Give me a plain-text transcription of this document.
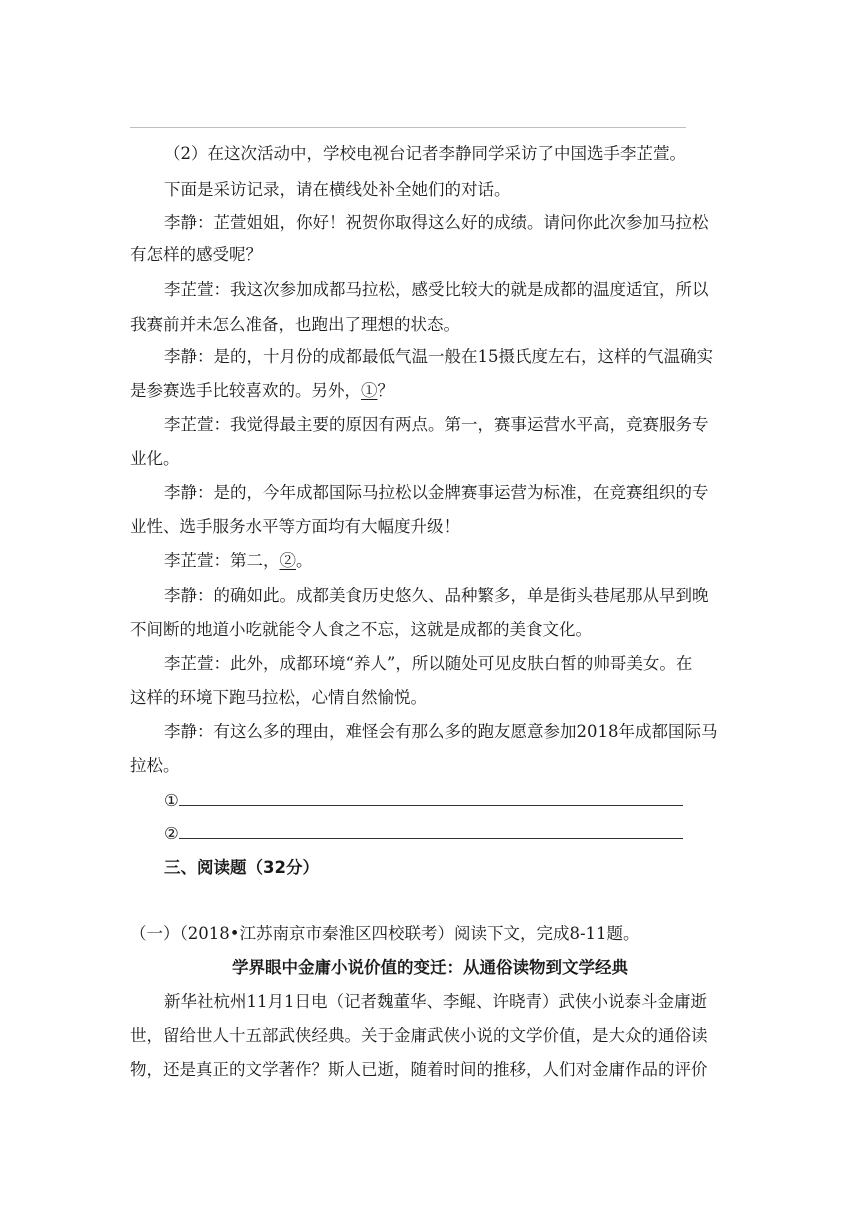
（2）在这次活动中，学校电视台记者李静同学采访了中国选手李芷萱。
下面是采访记录，请在横线处补全她们的对话。
李静：芷萱姐姐，你好！祝贺你取得这么好的成绩。请问你此次参加马拉松
有怎样的感受呢？
李芷萱：我这次参加成都马拉松，感受比较大的就是成都的温度适宜，所以
我赛前并未怎么准备，也跑出了理想的状态。
李静：是的，十月份的成都最低气温一般在15摄氏度左右，这样的气温确实
是参赛选手比较喜欢的。另外，①？
李芷萱：我觉得最主要的原因有两点。第一，赛事运营水平高，竞赛服务专
业化。
李静：是的，今年成都国际马拉松以金牌赛事运营为标准，在竞赛组织的专
业性、选手服务水平等方面均有大幅度升级！
李芷萱：第二，②。
李静：的确如此。成都美食历史悠久、品种繁多，单是街头巷尾那从早到晚
不间断的地道小吃就能令人食之不忘，这就是成都的美食文化。
李芷萱：此外，成都环境“养人”，所以随处可见皮肤白皙的帅哥美女。在
这样的环境下跑马拉松，心情自然愉悦。
李静：有这么多的理由，难怪会有那么多的跑友愿意参加2018年成都国际马
拉松。
①
②
三、阅读题（32分）
（一）（2018•江苏南京市秦淮区四校联考）阅读下文，完成8-11题。
学界眼中金庸小说价值的变迁：从通俗读物到文学经典
新华社杭州11月1日电（记者魏董华、李鲲、许晓青）武侠小说泰斗金庸逝
世，留给世人十五部武侠经典。关于金庸武侠小说的文学价值，是大众的通俗读
物，还是真正的文学著作？斯人已逝，随着时间的推移，人们对金庸作品的评价
